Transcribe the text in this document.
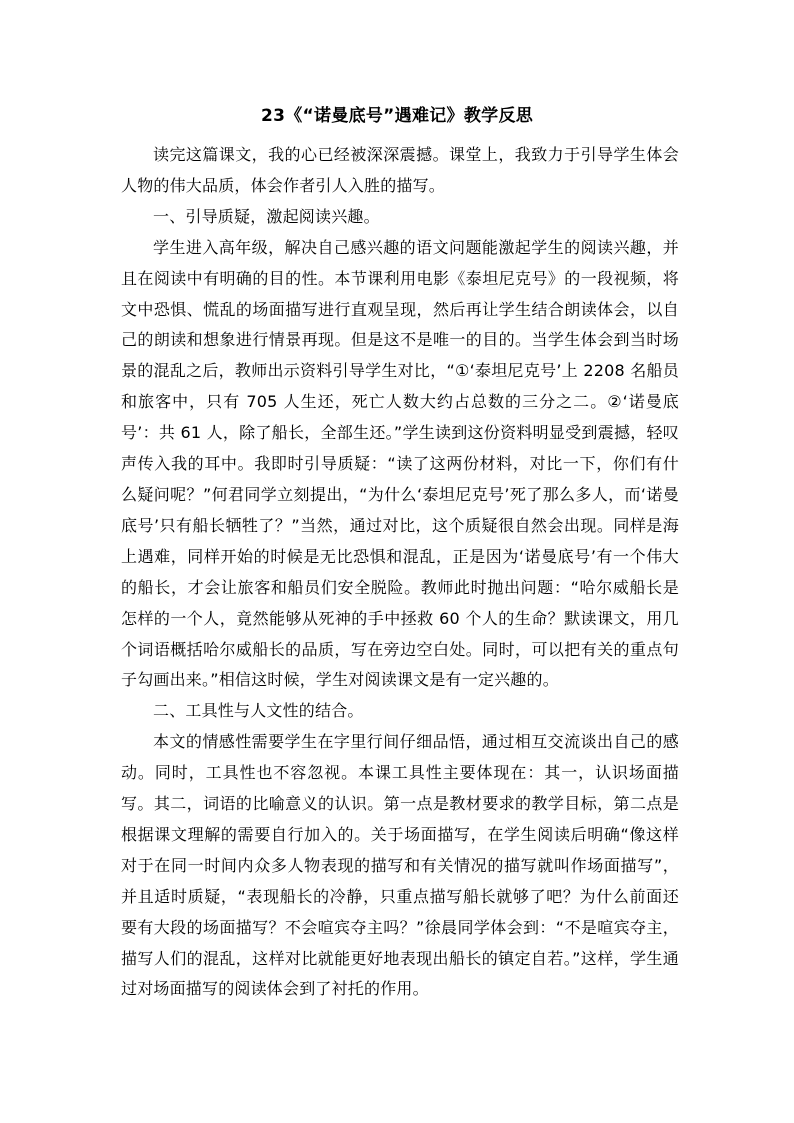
23《“诺曼底号”遇难记》教学反思

读完这篇课文，我的心已经被深深震撼。课堂上，我致力于引导学生体会人物的伟大品质，体会作者引人入胜的描写。

一、引导质疑，激起阅读兴趣。

学生进入高年级，解决自己感兴趣的语文问题能激起学生的阅读兴趣，并且在阅读中有明确的目的性。本节课利用电影《泰坦尼克号》的一段视频，将文中恐惧、慌乱的场面描写进行直观呈现，然后再让学生结合朗读体会，以自己的朗读和想象进行情景再现。但是这不是唯一的目的。当学生体会到当时场景的混乱之后，教师出示资料引导学生对比，“①‘泰坦尼克号’上 2208 名船员和旅客中，只有 705 人生还，死亡人数大约占总数的三分之二。②‘诺曼底号’：共 61 人，除了船长，全部生还。”学生读到这份资料明显受到震撼，轻叹声传入我的耳中。我即时引导质疑：“读了这两份材料，对比一下，你们有什么疑问呢？”何君同学立刻提出，“为什么‘泰坦尼克号’死了那么多人，而‘诺曼底号’只有船长牺牲了？”当然，通过对比，这个质疑很自然会出现。同样是海上遇难，同样开始的时候是无比恐惧和混乱，正是因为‘诺曼底号’有一个伟大的船长，才会让旅客和船员们安全脱险。教师此时抛出问题：“哈尔威船长是怎样的一个人，竟然能够从死神的手中拯救 60 个人的生命？默读课文，用几个词语概括哈尔威船长的品质，写在旁边空白处。同时，可以把有关的重点句子勾画出来。”相信这时候，学生对阅读课文是有一定兴趣的。

二、工具性与人文性的结合。

本文的情感性需要学生在字里行间仔细品悟，通过相互交流谈出自己的感动。同时，工具性也不容忽视。本课工具性主要体现在：其一，认识场面描写。其二，词语的比喻意义的认识。第一点是教材要求的教学目标，第二点是根据课文理解的需要自行加入的。关于场面描写，在学生阅读后明确“像这样对于在同一时间内众多人物表现的描写和有关情况的描写就叫作场面描写”，并且适时质疑，“表现船长的冷静，只重点描写船长就够了吧？为什么前面还要有大段的场面描写？不会喧宾夺主吗？”徐晨同学体会到：“不是喧宾夺主，描写人们的混乱，这样对比就能更好地表现出船长的镇定自若。”这样，学生通过对场面描写的阅读体会到了衬托的作用。
